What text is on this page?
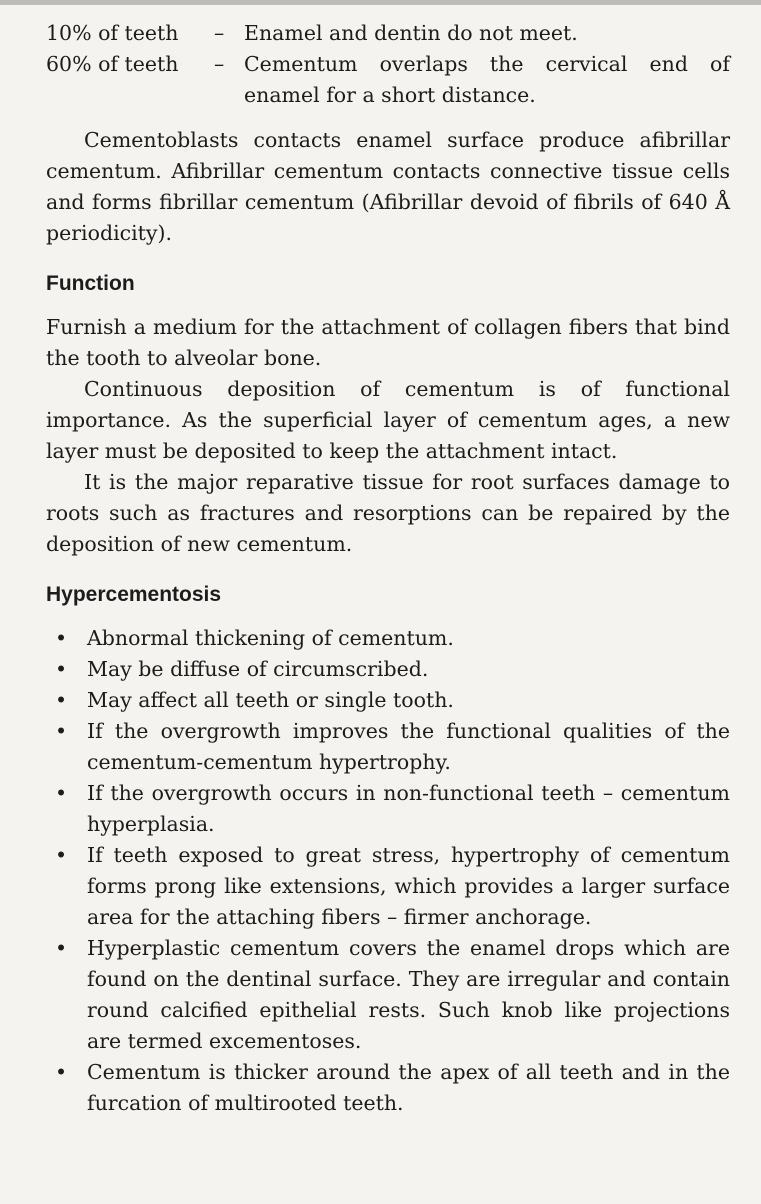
10% of teeth	– Enamel and dentin do not meet.
60% of teeth	– Cementum overlaps the cervical end of enamel for a short distance.

Cementoblasts contacts enamel surface produce afibrillar cementum. Afibrillar cementum contacts connective tissue cells and forms fibrillar cementum (Afibrillar devoid of fibrils of 640 Å periodicity).

Function

Furnish a medium for the attachment of collagen fibers that bind the tooth to alveolar bone.

Continuous deposition of cementum is of functional importance. As the superficial layer of cementum ages, a new layer must be deposited to keep the attachment intact.

It is the major reparative tissue for root surfaces damage to roots such as fractures and resorptions can be repaired by the deposition of new cementum.

Hypercementosis
• Abnormal thickening of cementum.
• May be diffuse of circumscribed.
• May affect all teeth or single tooth.
• If the overgrowth improves the functional qualities of the cementum-cementum hypertrophy.
• If the overgrowth occurs in non-functional teeth – cementum hyperplasia.
• If teeth exposed to great stress, hypertrophy of cementum forms prong like extensions, which provides a larger surface area for the attaching fibers – firmer anchorage.
• Hyperplastic cementum covers the enamel drops which are found on the dentinal surface. They are irregular and contain round calcified epithelial rests. Such knob like projections are termed excementoses.
• Cementum is thicker around the apex of all teeth and in the furcation of multirooted teeth.
